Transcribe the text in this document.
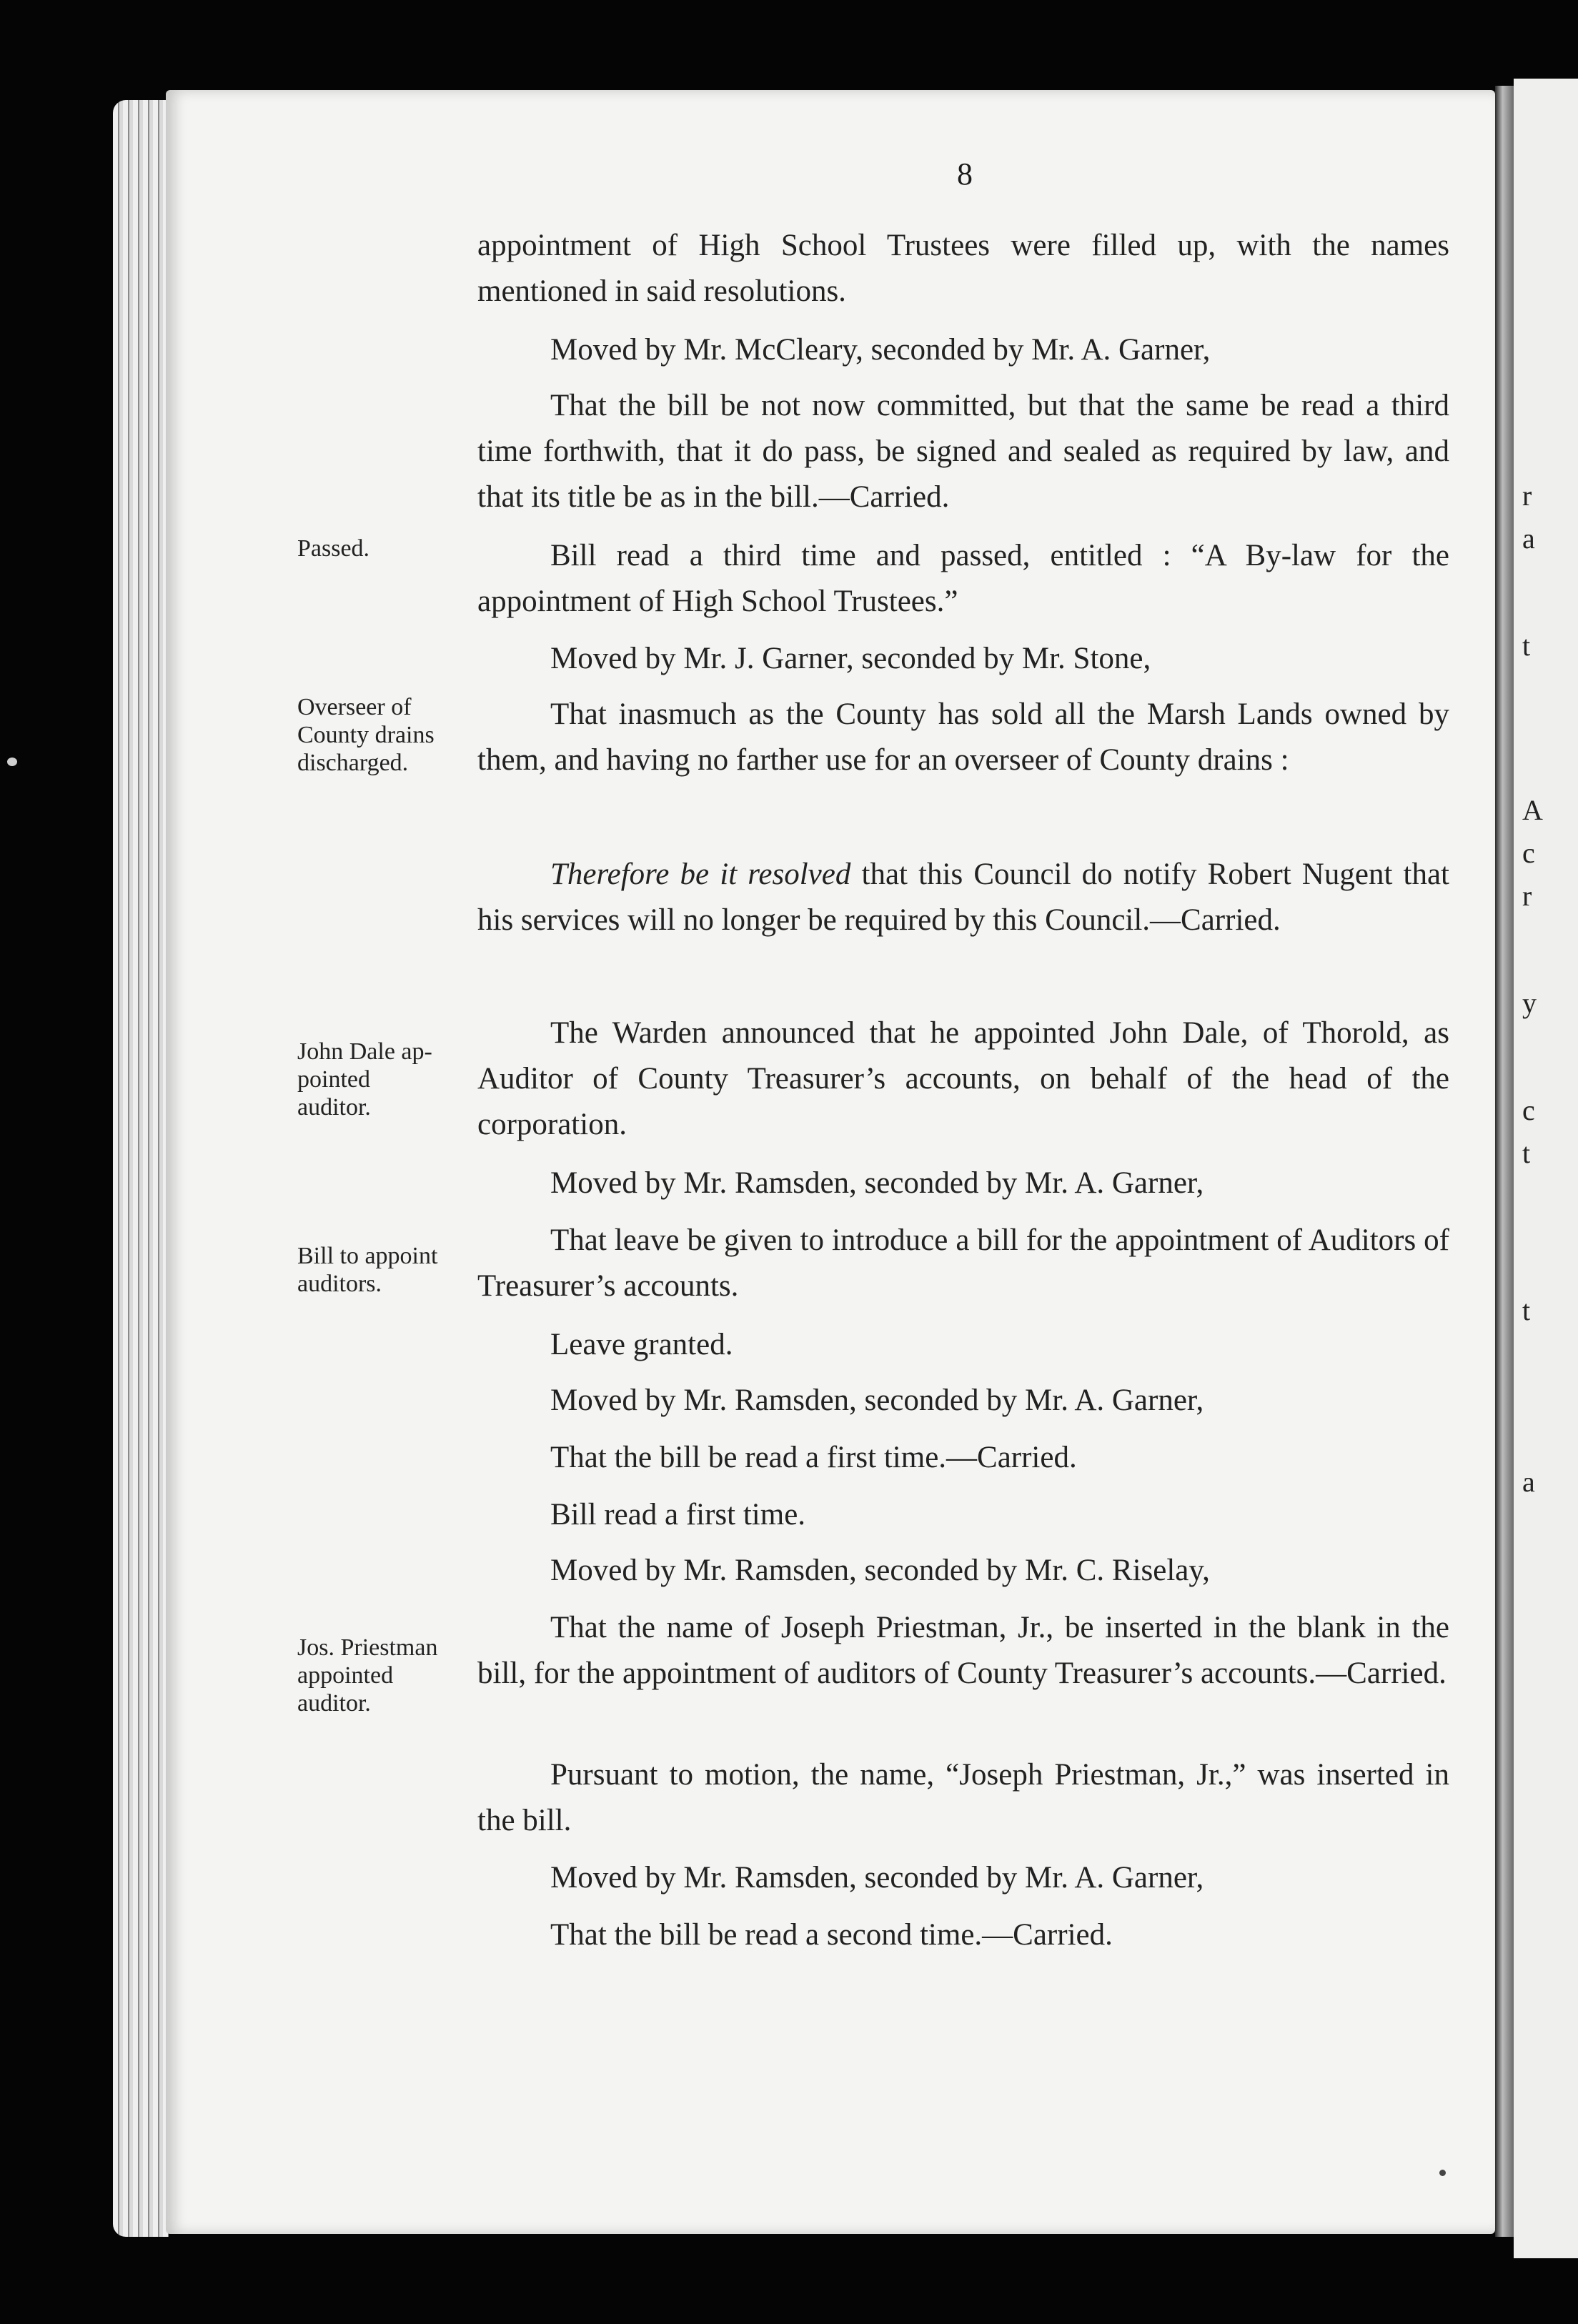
r
a
t
A
c
r
y
c
t
t
a
8

appointment of High School Trustees were filled up, with the names mentioned in said resolutions.

Moved by Mr. McCleary, seconded by Mr. A. Garner,

That the bill be not now committed, but that the same be read a third time forthwith, that it do pass, be signed and sealed as required by law, and that its title be as in the bill.—Carried.

Passed.	Bill read a third time and passed, entitled : “A By-law for the appointment of High School Trustees.”

Moved by Mr. J. Garner, seconded by Mr. Stone,

Overseer of
County drains
discharged.

That inasmuch as the County has sold all the Marsh Lands owned by them, and having no farther use for an overseer of County drains :

Therefore be it resolved that this Council do notify Robert Nugent that his services will no longer be required by this Council.—Carried.

John Dale ap-
pointed
auditor.

The Warden announced that he appointed John Dale, of Thorold, as Auditor of County Treasurer’s accounts, on behalf of the head of the corporation.

Moved by Mr. Ramsden, seconded by Mr. A. Garner,

Bill to appoint
auditors.

That leave be given to introduce a bill for the appointment of Auditors of Treasurer’s accounts.

Leave granted.

Moved by Mr. Ramsden, seconded by Mr. A. Garner,

That the bill be read a first time.—Carried.

Bill read a first time.

Moved by Mr. Ramsden, seconded by Mr. C. Riselay,

Jos. Priestman
appointed
auditor.

That the name of Joseph Priestman, Jr., be inserted in the blank in the bill, for the appointment of auditors of County Treasurer’s accounts.—Carried.

Pursuant to motion, the name, “Joseph Priestman, Jr.,” was inserted in the bill.

Moved by Mr. Ramsden, seconded by Mr. A. Garner,

That the bill be read a second time.—Carried.
